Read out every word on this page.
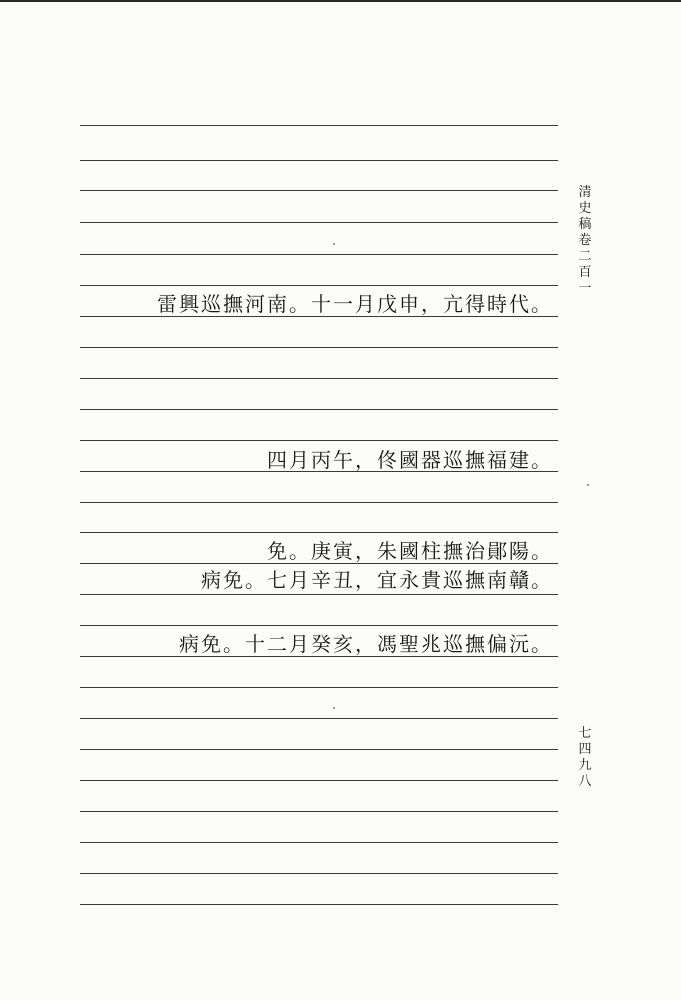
雷興巡撫河南。十一月戊申，亢得時代。
四月丙午，佟國器巡撫福建。
免。庚寅，朱國柱撫治鄖陽。
病免。七月辛丑，宜永貴巡撫南贛。
病免。十二月癸亥，馮聖兆巡撫偏沅。
清史稿卷二百一
七四九八
